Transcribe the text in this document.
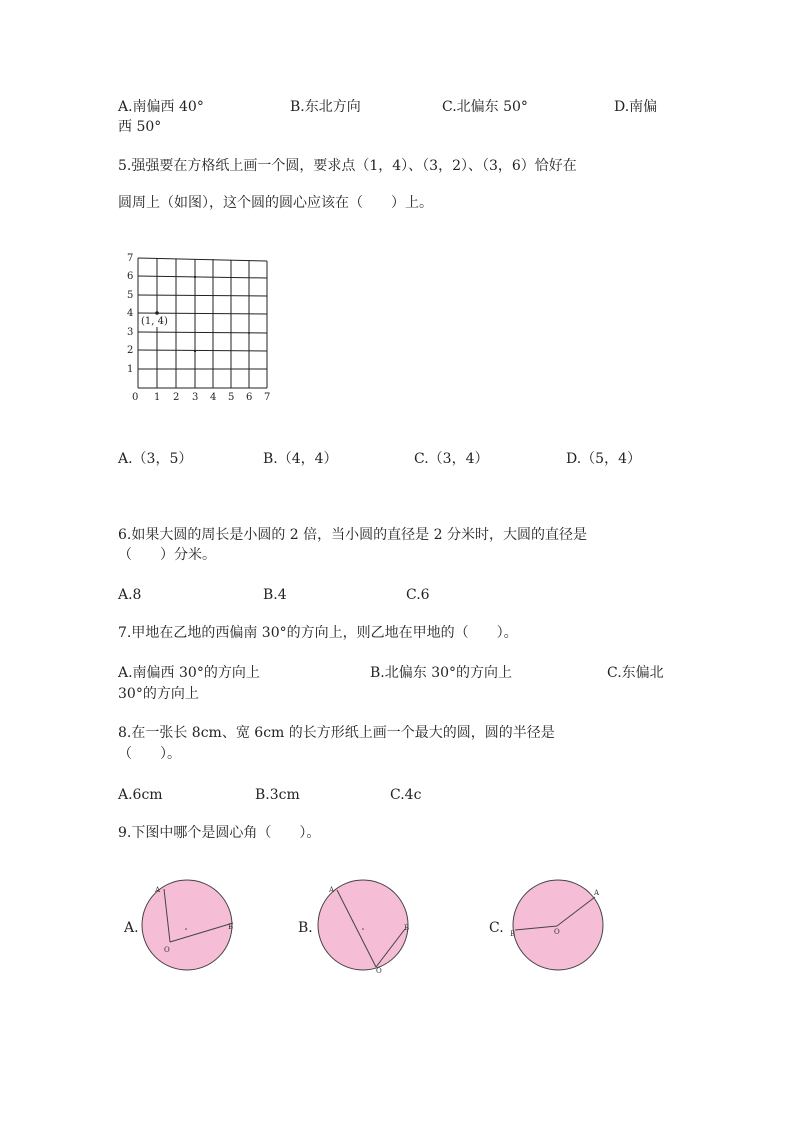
A.南偏西 40°	B.东北方向	C.北偏东 50°	D.南偏
西 50°
5.强强要在方格纸上画一个圆，要求点（1，4）、（3，2）、（3，6）恰好在
圆周上（如图），这个圆的圆心应该在（　　）上。
7
6
5
4
3
2
1
0 1 2 3 4 5 6 7
(1, 4)
A.（3，5）	B.（4，4）	C.（3，4）	D.（5，4）
6.如果大圆的周长是小圆的 2 倍，当小圆的直径是 2 分米时，大圆的直径是
（　　）分米。
A.8	B.4	C.6
7.甲地在乙地的西偏南 30°的方向上，则乙地在甲地的（　　）。
A.南偏西 30°的方向上	B.北偏东 30°的方向上	C.东偏北
30°的方向上
8.在一张长 8cm、宽 6cm 的长方形纸上画一个最大的圆，圆的半径是
（　　）。
A.6cm	B.3cm	C.4c
9.下图中哪个是圆心角（　　）。
A.
A
B
O
B.
A
B
O
C.
A
B	O
